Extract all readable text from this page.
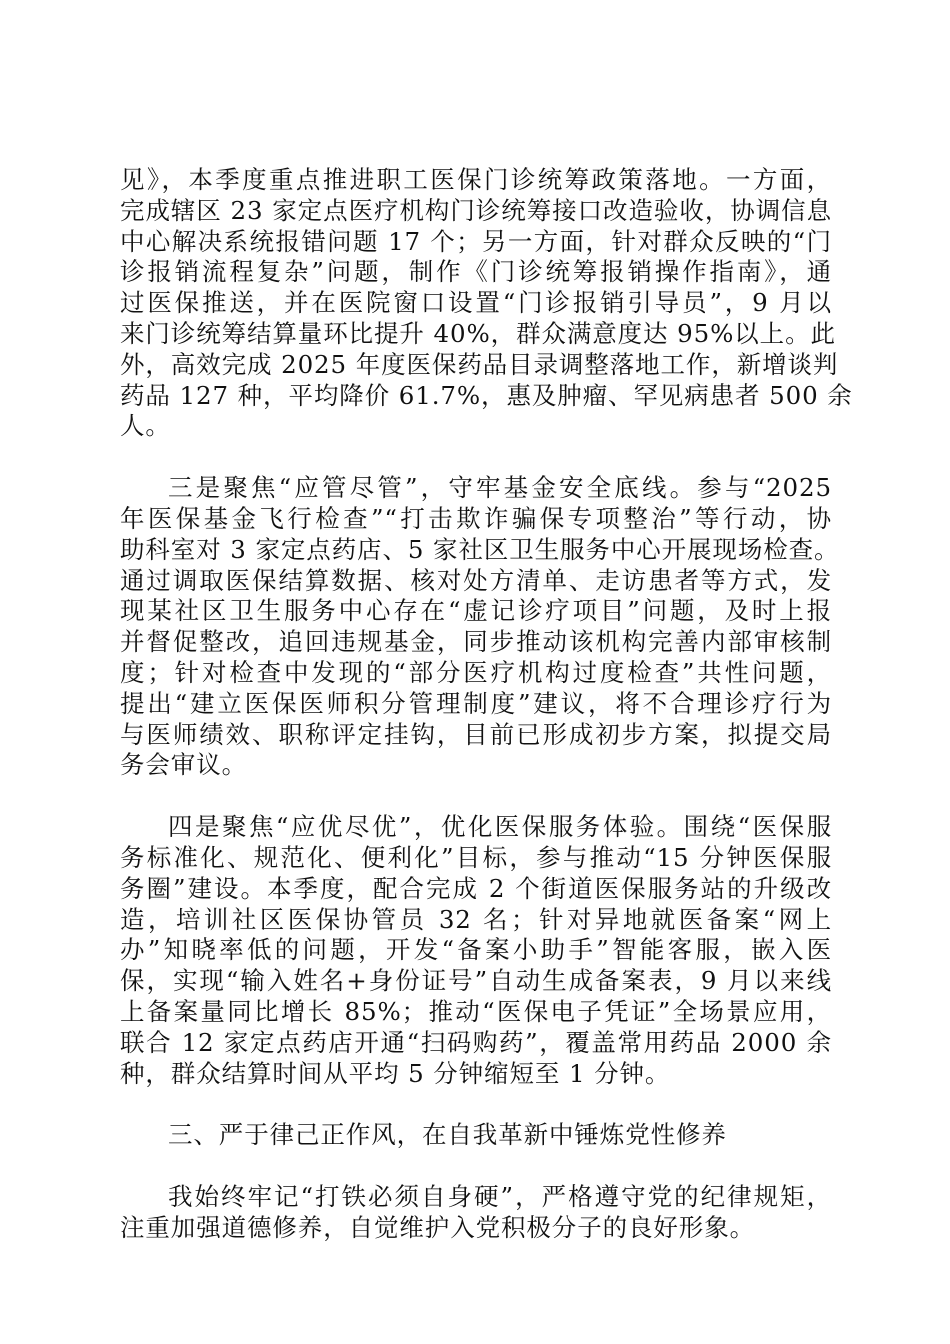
见》，本季度重点推进职工医保门诊统筹政策落地。一方面，
完成辖区 23 家定点医疗机构门诊统筹接口改造验收，协调信息
中心解决系统报错问题 17 个；另一方面，针对群众反映的“门
诊报销流程复杂”问题，制作《门诊统筹报销操作指南》，通
过医保推送，并在医院窗口设置“门诊报销引导员”，9 月以
来门诊统筹结算量环比提升 40%，群众满意度达 95%以上。此
外，高效完成 2025 年度医保药品目录调整落地工作，新增谈判
药品 127 种，平均降价 61.7%，惠及肿瘤、罕见病患者 500 余
人。
三是聚焦“应管尽管”，守牢基金安全底线。参与“2025
年医保基金飞行检查”“打击欺诈骗保专项整治”等行动，协
助科室对 3 家定点药店、5 家社区卫生服务中心开展现场检查。
通过调取医保结算数据、核对处方清单、走访患者等方式，发
现某社区卫生服务中心存在“虚记诊疗项目”问题，及时上报
并督促整改，追回违规基金，同步推动该机构完善内部审核制
度；针对检查中发现的“部分医疗机构过度检查”共性问题，
提出“建立医保医师积分管理制度”建议，将不合理诊疗行为
与医师绩效、职称评定挂钩，目前已形成初步方案，拟提交局
务会审议。
四是聚焦“应优尽优”，优化医保服务体验。围绕“医保服
务标准化、规范化、便利化”目标，参与推动“15 分钟医保服
务圈”建设。本季度，配合完成 2 个街道医保服务站的升级改
造，培训社区医保协管员 32 名；针对异地就医备案“网上
办”知晓率低的问题，开发“备案小助手”智能客服，嵌入医
保，实现“输入姓名+身份证号”自动生成备案表，9 月以来线
上备案量同比增长 85%；推动“医保电子凭证”全场景应用，
联合 12 家定点药店开通“扫码购药”，覆盖常用药品 2000 余
种，群众结算时间从平均 5 分钟缩短至 1 分钟。
三、严于律己正作风，在自我革新中锤炼党性修养
我始终牢记“打铁必须自身硬”，严格遵守党的纪律规矩，
注重加强道德修养，自觉维护入党积极分子的良好形象。
